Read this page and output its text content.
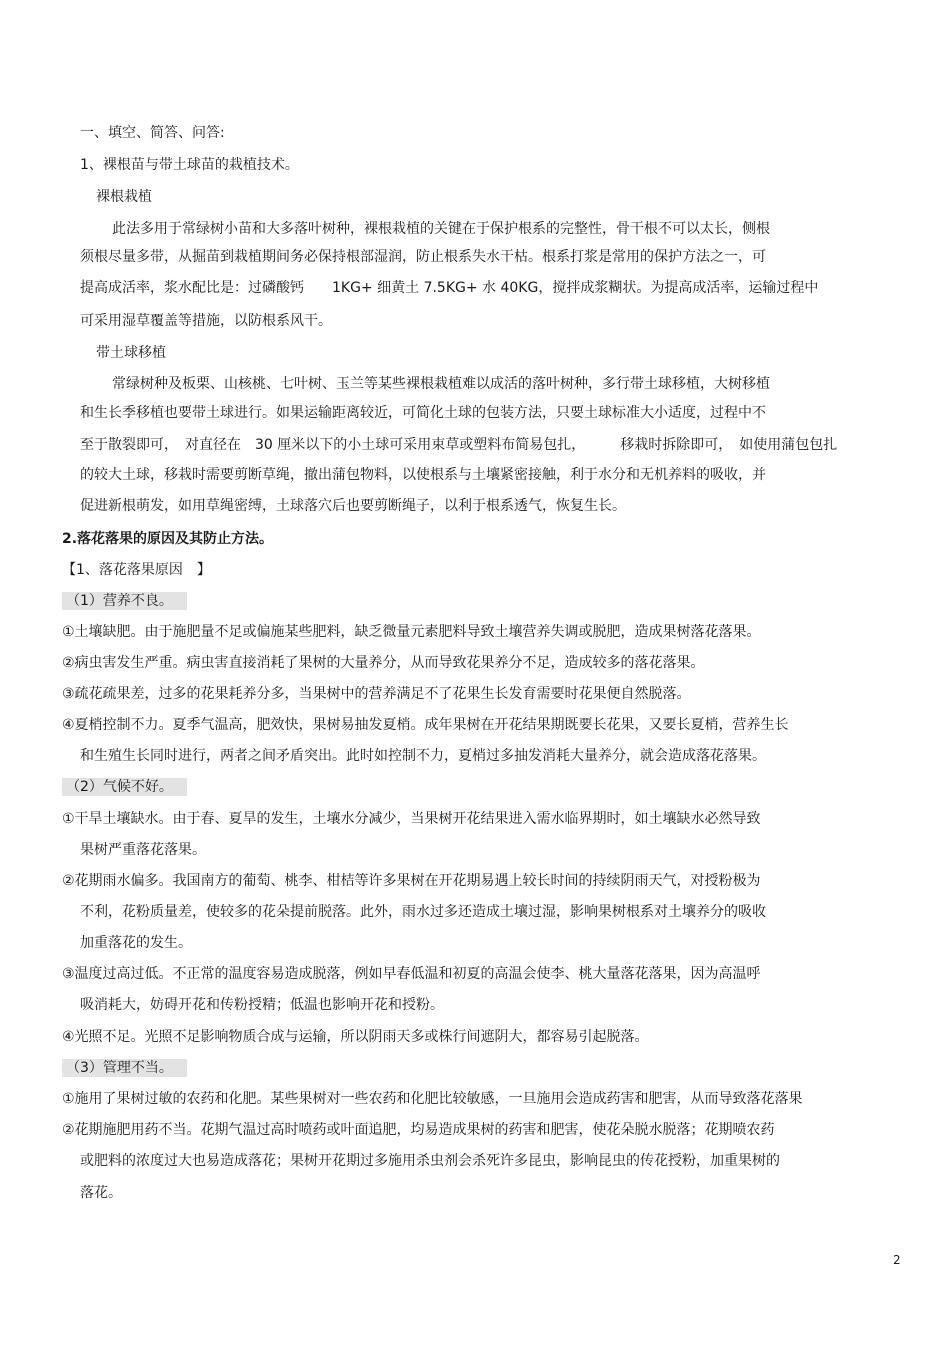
一、填空、简答、问答:
1、裸根苗与带土球苗的栽植技术。
裸根栽植
此法多用于常绿树小苗和大多落叶树种，裸根栽植的关键在于保护根系的完整性，骨干根不可以太长，侧根
须根尽量多带，从掘苗到栽植期间务必保持根部湿润，防止根系失水干枯。根系打浆是常用的保护方法之一，可
提高成活率，浆水配比是：过磷酸钙　　1KG+ 细黄土 7.5KG+ 水 40KG，搅拌成浆糊状。为提高成活率，运输过程中
可采用湿草覆盖等措施，以防根系风干。
带土球移植
常绿树种及板栗、山核桃、七叶树、玉兰等某些裸根栽植难以成活的落叶树种，多行带土球移植，大树移植
和生长季移植也要带土球进行。如果运输距离较近，可简化土球的包装方法，只要土球标准大小适度，过程中不
至于散裂即可，　对直径在　30 厘米以下的小土球可采用束草或塑料布简易包扎，　　　移栽时拆除即可，　如使用蒲包包扎
的较大土球，移栽时需要剪断草绳，撤出蒲包物料，以使根系与土壤紧密接触，利于水分和无机养料的吸收，并
促进新根萌发，如用草绳密缚，土球落穴后也要剪断绳子，以利于根系透气，恢复生长。
2.落花落果的原因及其防止方法。
【1、落花落果原因　】
（1）营养不良。
①土壤缺肥。由于施肥量不足或偏施某些肥料，缺乏微量元素肥料导致土壤营养失调或脱肥，造成果树落花落果。
②病虫害发生严重。病虫害直接消耗了果树的大量养分，从而导致花果养分不足，造成较多的落花落果。
③疏花疏果差，过多的花果耗养分多，当果树中的营养满足不了花果生长发育需要时花果便自然脱落。
④夏梢控制不力。夏季气温高，肥效快，果树易抽发夏梢。成年果树在开花结果期既要长花果，又要长夏梢，营养生长
和生殖生长同时进行，两者之间矛盾突出。此时如控制不力，夏梢过多抽发消耗大量养分，就会造成落花落果。
（2）气候不好。
①干旱土壤缺水。由于春、夏旱的发生，土壤水分减少，当果树开花结果进入需水临界期时，如土壤缺水必然导致
果树严重落花落果。
②花期雨水偏多。我国南方的葡萄、桃李、柑桔等许多果树在开花期易遇上较长时间的持续阴雨天气，对授粉极为
不利，花粉质量差，使较多的花朵提前脱落。此外，雨水过多还造成土壤过湿，影响果树根系对土壤养分的吸收
加重落花的发生。
③温度过高过低。不正常的温度容易造成脱落，例如早春低温和初夏的高温会使李、桃大量落花落果，因为高温呼
吸消耗大，妨碍开花和传粉授精；低温也影响开花和授粉。
④光照不足。光照不足影响物质合成与运输，所以阴雨天多或株行间遮阴大，都容易引起脱落。
（3）管理不当。
①施用了果树过敏的农药和化肥。某些果树对一些农药和化肥比较敏感，一旦施用会造成药害和肥害，从而导致落花落果
②花期施肥用药不当。花期气温过高时喷药或叶面追肥，均易造成果树的药害和肥害，使花朵脱水脱落；花期喷农药
或肥料的浓度过大也易造成落花；果树开花期过多施用杀虫剂会杀死许多昆虫，影响昆虫的传花授粉，加重果树的
落花。
2
